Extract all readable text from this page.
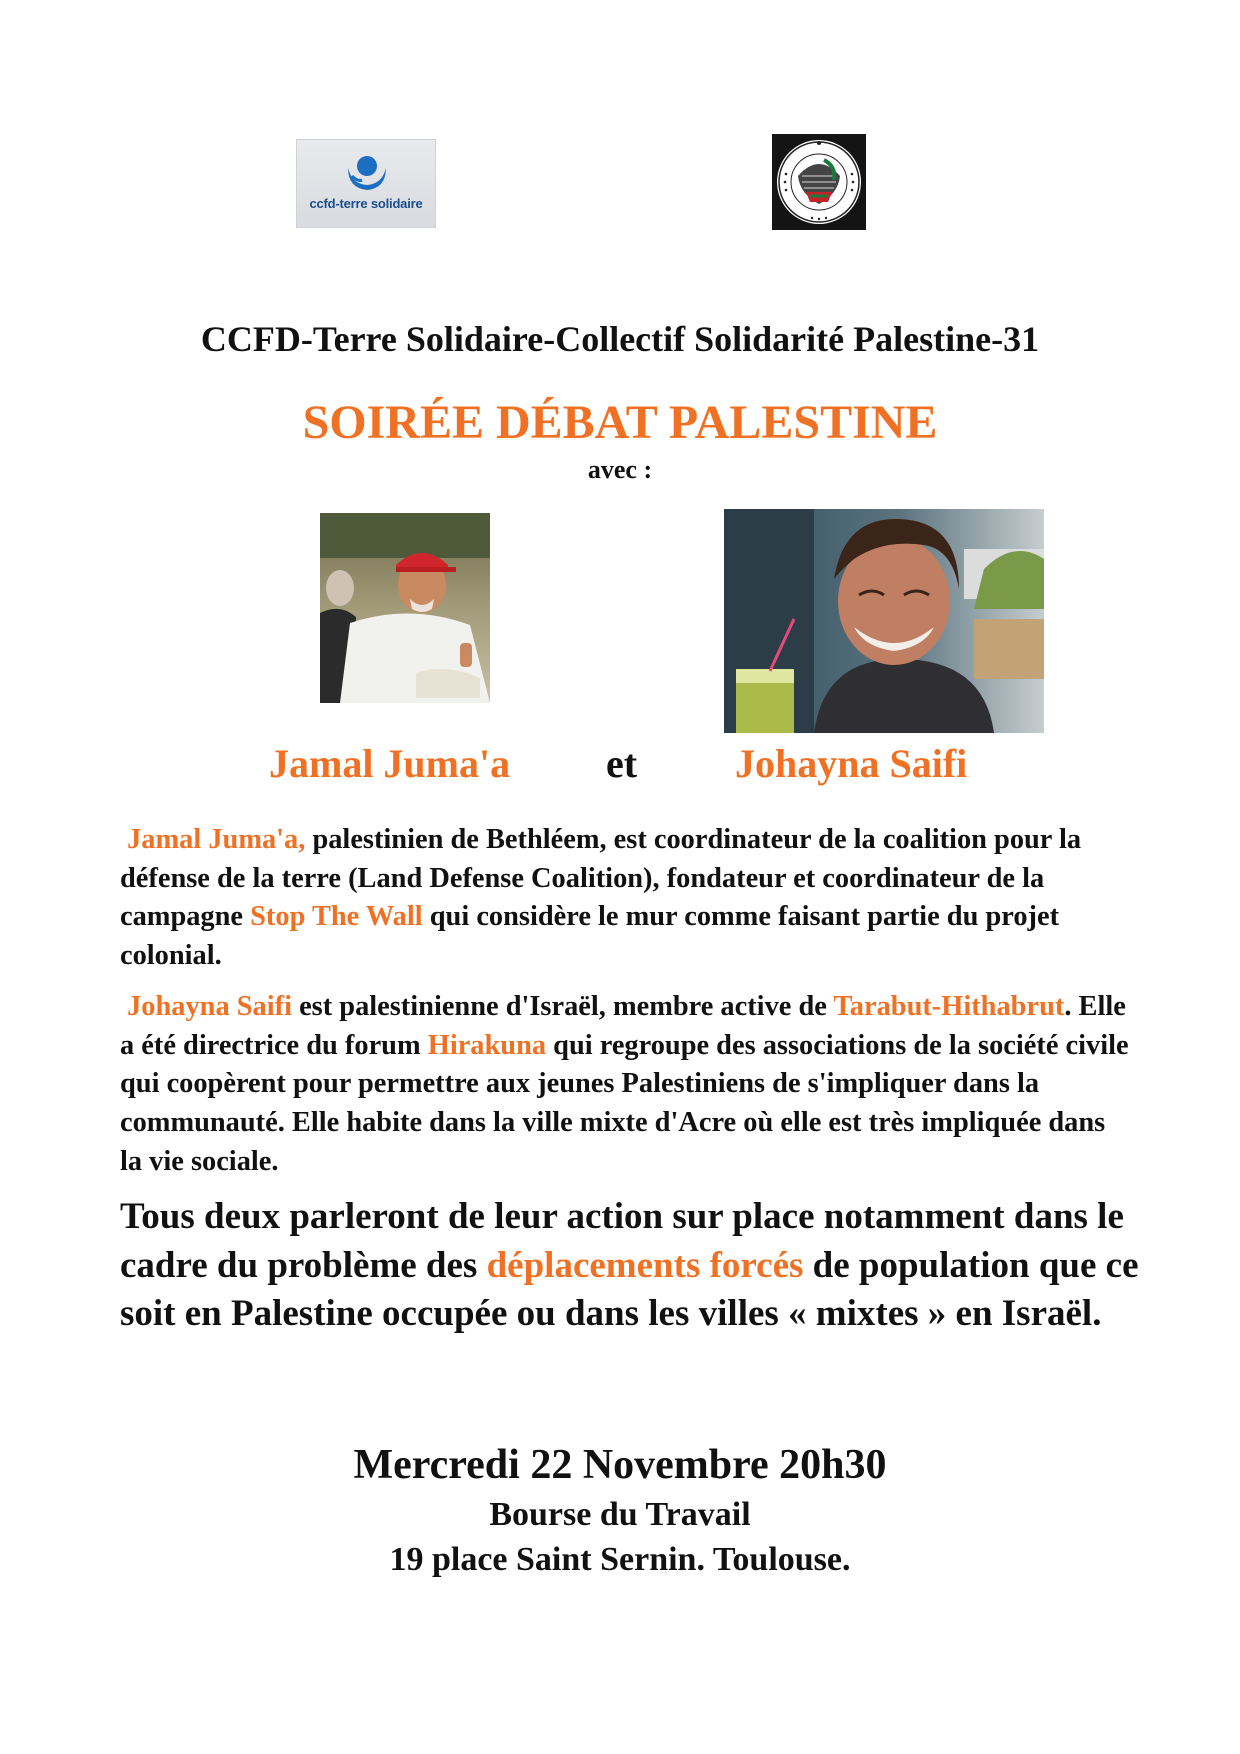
ccfd-terre solidaire
CCFD-Terre Solidaire-Collectif Solidarité Palestine-31
SOIRÉE DÉBAT PALESTINE
avec :
Jamal Juma'a et Johayna Saifi

Jamal Juma'a, palestinien de Bethléem, est coordinateur de la coalition pour la défense de la terre (Land Defense Coalition), fondateur et coordinateur de la campagne Stop The Wall qui considère le mur comme faisant partie du projet colonial.

Johayna Saifi est palestinienne d'Israël, membre active de Tarabut-Hithabrut. Elle a été directrice du forum Hirakuna qui regroupe des associations de la société civile qui coopèrent pour permettre aux jeunes Palestiniens de s'impliquer dans la communauté. Elle habite dans la ville mixte d'Acre où elle est très impliquée dans la vie sociale.

Tous deux parleront de leur action sur place notamment dans le cadre du problème des déplacements forcés de population que ce soit en Palestine occupée ou dans les villes « mixtes » en Israël.

Mercredi 22 Novembre 20h30
Bourse du Travail
19 place Saint Sernin. Toulouse.
